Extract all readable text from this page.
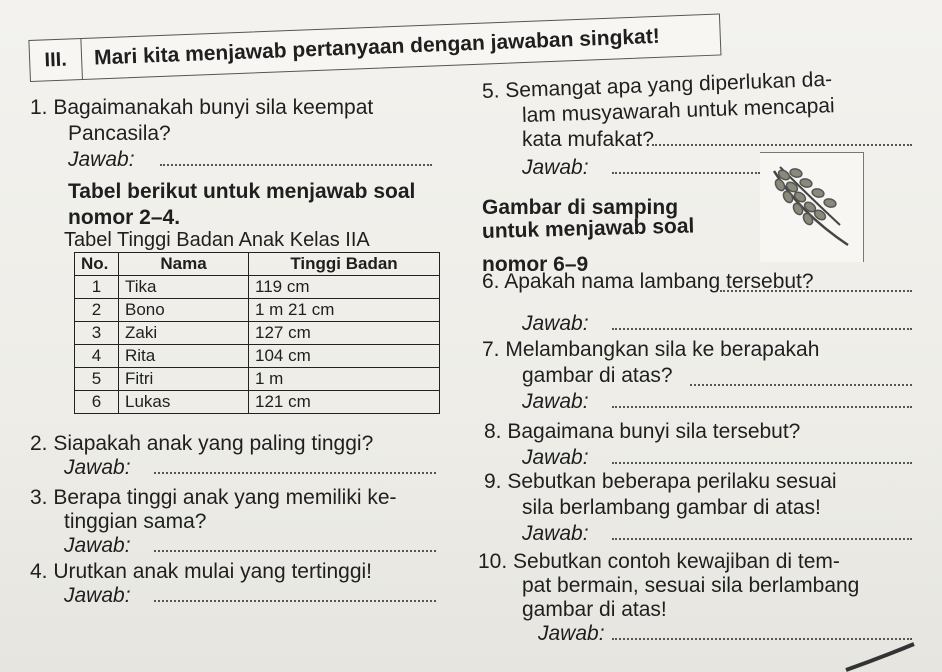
III.	Mari kita menjawab pertanyaan dengan jawaban singkat!
1. Bagaimanakah bunyi sila keempat
Pancasila?
Jawab:
Tabel berikut untuk menjawab soal
nomor 2–4.
Tabel Tinggi Badan Anak Kelas IIA
No.	Nama	Tinggi Badan
1	Tika	119 cm
2	Bono	1 m 21 cm
3	Zaki	127 cm
4	Rita	104 cm
5	Fitri	1 m
6	Lukas	121 cm
2. Siapakah anak yang paling tinggi?
Jawab:
3. Berapa tinggi anak yang memiliki ke-
tinggian sama?
Jawab:
4. Urutkan anak mulai yang tertinggi!
Jawab:
5. Semangat apa yang diperlukan da-
lam musyawarah untuk mencapai
kata mufakat?
Jawab:
Gambar di samping
untuk menjawab soal
nomor 6–9
6. Apakah nama lambang tersebut?
Jawab:
7. Melambangkan sila ke berapakah
gambar di atas?
Jawab:
8. Bagaimana bunyi sila tersebut?
Jawab:
9. Sebutkan beberapa perilaku sesuai
sila berlambang gambar di atas!
Jawab:
10. Sebutkan contoh kewajiban di tem-
pat bermain, sesuai sila berlambang
gambar di atas!
Jawab:
